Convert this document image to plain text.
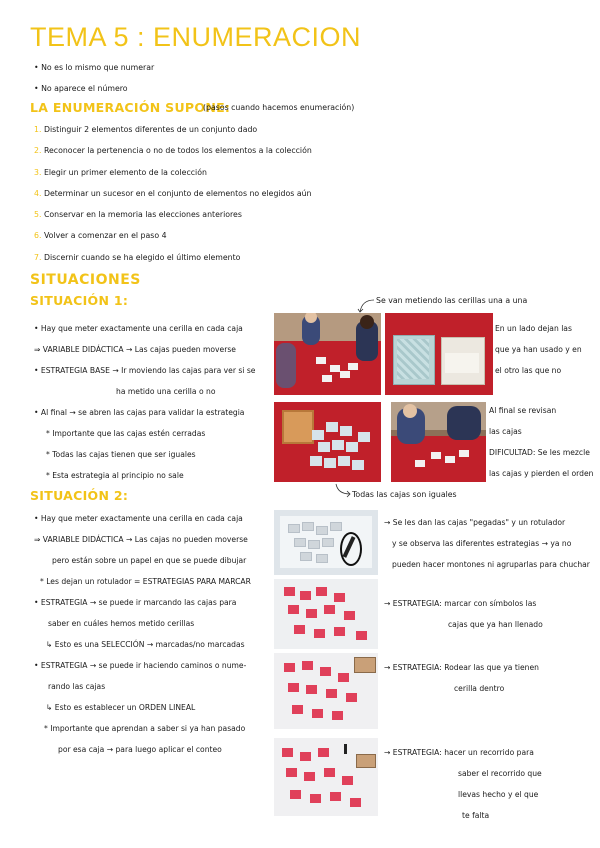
TEMA 5 : ENUMERACION
• No es lo mismo que numerar
• No aparece el número
LA ENUMERACIÓN SUPONE:
(pasos cuando hacemos enumeración)
1. Distinguir 2 elementos diferentes de un conjunto dado
2. Reconocer la pertenencia o no de todos los elementos a la colección
3. Elegir un primer elemento de la colección
4. Determinar un sucesor en el conjunto de elementos no elegidos aún
5. Conservar en la memoria las elecciones anteriores
6. Volver a comenzar en el paso 4
7. Discernir cuando se ha elegido el último elemento
SITUACIONES
SITUACIÓN 1:
• Hay que meter exactamente una cerilla en cada caja
⇒ VARIABLE DIDÁCTICA → Las cajas pueden moverse
• ESTRATEGIA BASE → Ir moviendo las cajas para ver si se
ha metido una cerilla o no
• Al final → se abren las cajas para validar la estrategia
* Importante que las cajas estén cerradas
* Todas las cajas tienen que ser iguales
* Esta estrategia al principio no sale
Se van metiendo las cerillas una a una
En un lado dejan las
que ya han usado y en
el otro las que no
Al final se revisan
las cajas
DIFICULTAD: Se les mezcle
las cajas y pierden el orden
Todas las cajas son iguales
SITUACIÓN 2:
• Hay que meter exactamente una cerilla en cada caja
⇒ VARIABLE DIDÁCTICA → Las cajas no pueden moverse
pero están sobre un papel en que se puede dibujar
* Les dejan un rotulador = ESTRATEGIAS PARA MARCAR
• ESTRATEGIA → se puede ir marcando las cajas para
saber en cuáles hemos metido cerillas
↳ Esto es una SELECCIÓN → marcadas/no marcadas
• ESTRATEGIA → se puede ir haciendo caminos o nume-
rando las cajas
↳ Esto es establecer un ORDEN LINEAL
* Importante que aprendan a saber si ya han pasado
por esa caja → para luego aplicar el conteo
→ Se les dan las cajas "pegadas" y un rotulador
y se observa las diferentes estrategias → ya no
pueden hacer montones ni agruparlas para chuchar
→ ESTRATEGIA: marcar con símbolos las
cajas que ya han llenado
→ ESTRATEGIA: Rodear las que ya tienen
cerilla dentro
→ ESTRATEGIA: hacer un recorrido para
saber el recorrido que
llevas hecho y el que
te falta
